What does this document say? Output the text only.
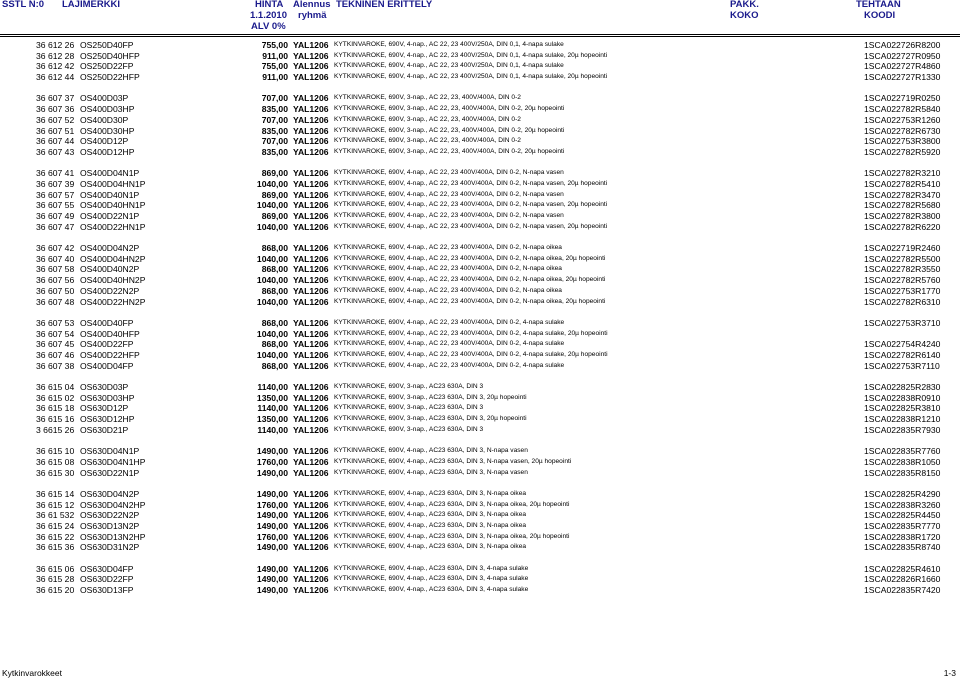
SSTL N:0 LAJIMERKKI	HINTA
1.1.2010
ALV 0%
Alennus
ryhmä
TEKNINEN ERITTELY	PAKK.
KOKO
TEHTAAN
KOODI
36 612 26 OS250D40FP	755,00 YAL1206 KYTKINVAROKE, 690V, 4-nap., AC 22, 23 400V/250A, DIN 0,1, 4-napa sulake	1SCA022726R8200
36 612 28 OS250D40HFP	911,00 YAL1206 KYTKINVAROKE, 690V, 4-nap., AC 22, 23 400V/250A, DIN 0,1, 4-napa sulake, 20µ hopeointi	1SCA022727R0950
36 612 42 OS250D22FP	755,00 YAL1206 KYTKINVAROKE, 690V, 4-nap., AC 22, 23 400V/250A, DIN 0,1, 4-napa sulake	1SCA022727R4860
36 612 44 OS250D22HFP	911,00 YAL1206 KYTKINVAROKE, 690V, 4-nap., AC 22, 23 400V/250A, DIN 0,1, 4-napa sulake, 20µ hopeointi	1SCA022727R1330
36 607 37 OS400D03P	707,00 YAL1206 KYTKINVAROKE, 690V, 3-nap., AC 22, 23, 400V/400A, DIN 0-2	1SCA022719R0250
36 607 36 OS400D03HP	835,00 YAL1206 KYTKINVAROKE, 690V, 3-nap., AC 22, 23, 400V/400A, DIN 0-2, 20µ hopeointi	1SCA022782R5840
36 607 52 OS400D30P	707,00 YAL1206 KYTKINVAROKE, 690V, 3-nap., AC 22, 23, 400V/400A, DIN 0-2	1SCA022753R1260
36 607 51 OS400D30HP	835,00 YAL1206 KYTKINVAROKE, 690V, 3-nap., AC 22, 23, 400V/400A, DIN 0-2, 20µ hopeointi	1SCA022782R6730
36 607 44 OS400D12P	707,00 YAL1206 KYTKINVAROKE, 690V, 3-nap., AC 22, 23, 400V/400A, DIN 0-2	1SCA022753R3800
36 607 43 OS400D12HP	835,00 YAL1206 KYTKINVAROKE, 690V, 3-nap., AC 22, 23, 400V/400A, DIN 0-2, 20µ hopeointi	1SCA022782R5920
36 607 41 OS400D04N1P	869,00 YAL1206 KYTKINVAROKE, 690V, 4-nap., AC 22, 23 400V/400A, DIN 0-2, N-napa vasen	1SCA022782R3210
36 607 39 OS400D04HN1P	1040,00 YAL1206 KYTKINVAROKE, 690V, 4-nap., AC 22, 23 400V/400A, DIN 0-2, N-napa vasen, 20µ hopeointi	1SCA022782R5410
36 607 57 OS400D40N1P	869,00 YAL1206 KYTKINVAROKE, 690V, 4-nap., AC 22, 23 400V/400A, DIN 0-2, N-napa vasen	1SCA022782R3470
36 607 55 OS400D40HN1P	1040,00 YAL1206 KYTKINVAROKE, 690V, 4-nap., AC 22, 23 400V/400A, DIN 0-2, N-napa vasen, 20µ hopeointi	1SCA022782R5680
36 607 49 OS400D22N1P	869,00 YAL1206 KYTKINVAROKE, 690V, 4-nap., AC 22, 23 400V/400A, DIN 0-2, N-napa vasen	1SCA022782R3800
36 607 47 OS400D22HN1P	1040,00 YAL1206 KYTKINVAROKE, 690V, 4-nap., AC 22, 23 400V/400A, DIN 0-2, N-napa vasen, 20µ hopeointi	1SCA022782R6220
36 607 42 OS400D04N2P	868,00 YAL1206 KYTKINVAROKE, 690V, 4-nap., AC 22, 23 400V/400A, DIN 0-2, N-napa oikea	1SCA022719R2460
36 607 40 OS400D04HN2P	1040,00 YAL1206 KYTKINVAROKE, 690V, 4-nap., AC 22, 23 400V/400A, DIN 0-2, N-napa oikea, 20µ hopeointi	1SCA022782R5500
36 607 58 OS400D40N2P	868,00 YAL1206 KYTKINVAROKE, 690V, 4-nap., AC 22, 23 400V/400A, DIN 0-2, N-napa oikea	1SCA022782R3550
36 607 56 OS400D40HN2P	1040,00 YAL1206 KYTKINVAROKE, 690V, 4-nap., AC 22, 23 400V/400A, DIN 0-2, N-napa oikea, 20µ hopeointi	1SCA022782R5760
36 607 50 OS400D22N2P	868,00 YAL1206 KYTKINVAROKE, 690V, 4-nap., AC 22, 23 400V/400A, DIN 0-2, N-napa oikea	1SCA022753R1770
36 607 48 OS400D22HN2P	1040,00 YAL1206 KYTKINVAROKE, 690V, 4-nap., AC 22, 23 400V/400A, DIN 0-2, N-napa oikea, 20µ hopeointi	1SCA022782R6310
36 607 53 OS400D40FP	868,00 YAL1206 KYTKINVAROKE, 690V, 4-nap., AC 22, 23 400V/400A, DIN 0-2, 4-napa sulake	1SCA022753R3710
36 607 54 OS400D40HFP	1040,00 YAL1206 KYTKINVAROKE, 690V, 4-nap., AC 22, 23 400V/400A, DIN 0-2, 4-napa sulake, 20µ hopeointi
36 607 45 OS400D22FP	868,00 YAL1206 KYTKINVAROKE, 690V, 4-nap., AC 22, 23 400V/400A, DIN 0-2, 4-napa sulake	1SCA022754R4240
36 607 46 OS400D22HFP	1040,00 YAL1206 KYTKINVAROKE, 690V, 4-nap., AC 22, 23 400V/400A, DIN 0-2, 4-napa sulake, 20µ hopeointi	1SCA022782R6140
36 607 38 OS400D04FP	868,00 YAL1206 KYTKINVAROKE, 690V, 4-nap., AC 22, 23 400V/400A, DIN 0-2, 4-napa sulake	1SCA022753R7110
36 615 04 OS630D03P	1140,00 YAL1206 KYTKINVAROKE, 690V, 3-nap., AC23 630A, DIN 3	1SCA022825R2830
36 615 02 OS630D03HP	1350,00 YAL1206 KYTKINVAROKE, 690V, 3-nap., AC23 630A, DIN 3, 20µ hopeointi	1SCA022838R0910
36 615 18 OS630D12P	1140,00 YAL1206 KYTKINVAROKE, 690V, 3-nap., AC23 630A, DIN 3	1SCA022825R3810
36 615 16 OS630D12HP	1350,00 YAL1206 KYTKINVAROKE, 690V, 3-nap., AC23 630A, DIN 3, 20µ hopeointi	1SCA022838R1210
3 6615 26 OS630D21P	1140,00 YAL1206 KYTKINVAROKE, 690V, 3-nap., AC23 630A, DIN 3	1SCA022835R7930
36 615 10 OS630D04N1P	1490,00 YAL1206 KYTKINVAROKE, 690V, 4-nap., AC23 630A, DIN 3, N-napa vasen	1SCA022835R7760
36 615 08 OS630D04N1HP	1760,00 YAL1206 KYTKINVAROKE, 690V, 4-nap., AC23 630A, DIN 3, N-napa vasen, 20µ hopeointi	1SCA022838R1050
36 615 30 OS630D22N1P	1490,00 YAL1206 KYTKINVAROKE, 690V, 4-nap., AC23 630A, DIN 3, N-napa vasen	1SCA022835R8150
36 615 14 OS630D04N2P	1490,00 YAL1206 KYTKINVAROKE, 690V, 4-nap., AC23 630A, DIN 3, N-napa oikea	1SCA022825R4290
36 615 12 OS630D04N2HP	1760,00 YAL1206 KYTKINVAROKE, 690V, 4-nap., AC23 630A, DIN 3, N-napa oikea, 20µ hopeointi	1SCA022838R3260
36 61 532 OS630D22N2P	1490,00 YAL1206 KYTKINVAROKE, 690V, 4-nap., AC23 630A, DIN 3, N-napa oikea	1SCA022825R4450
36 615 24 OS630D13N2P	1490,00 YAL1206 KYTKINVAROKE, 690V, 4-nap., AC23 630A, DIN 3, N-napa oikea	1SCA022835R7770
36 615 22 OS630D13N2HP	1760,00 YAL1206 KYTKINVAROKE, 690V, 4-nap., AC23 630A, DIN 3, N-napa oikea, 20µ hopeointi	1SCA022838R1720
36 615 36 OS630D31N2P	1490,00 YAL1206 KYTKINVAROKE, 690V, 4-nap., AC23 630A, DIN 3, N-napa oikea	1SCA022835R8740
36 615 06 OS630D04FP	1490,00 YAL1206 KYTKINVAROKE, 690V, 4-nap., AC23 630A, DIN 3, 4-napa sulake	1SCA022825R4610
36 615 28 OS630D22FP	1490,00 YAL1206 KYTKINVAROKE, 690V, 4-nap., AC23 630A, DIN 3, 4-napa sulake	1SCA022826R1660
36 615 20 OS630D13FP	1490,00 YAL1206 KYTKINVAROKE, 690V, 4-nap., AC23 630A, DIN 3, 4-napa sulake	1SCA022835R7420
Kytkinvarokkeet	1-3
